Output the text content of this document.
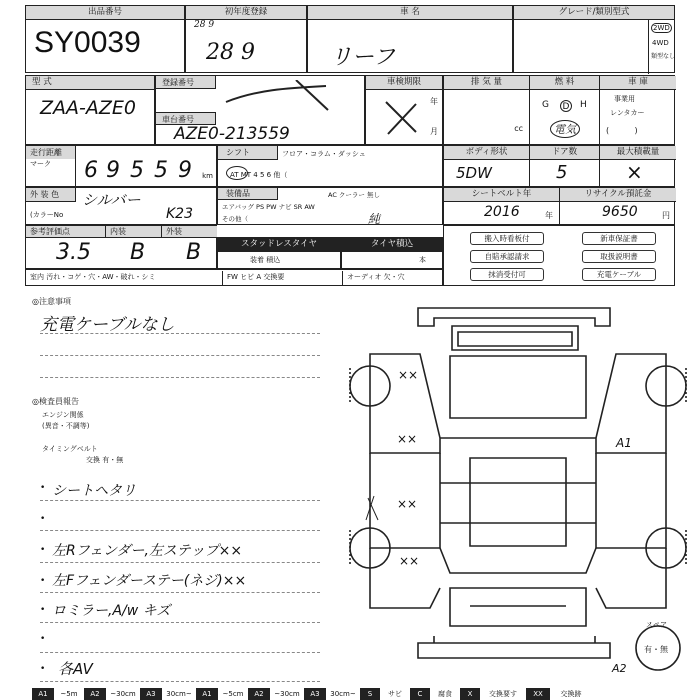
出品番号
SY0039
初年度登録
28 9
28 9
車 名
リーフ
グレード/類別型式
2WD
4WD
類型なし
型 式
ZAA-AZE0
登録番号
車台番号
AZE0-213559
車検期限
年
月
排 気 量
cc
燃 料
G D H
電気
車 庫
事業用
レンタカー
(          )
走行距離
マーク	6 9 5 5 9 km
シフト	フロア・コラム・ダッシュ
AT MT 4 5 6 他（
ボディ形状
5DW
ドア数
5
最大積載量
×
外 装 色	シルバー
(カラーNo	K23
装備品	AC クーラー 無し
エアバッグ PS PW ナビ SR AW
その他（	純
シートベルト年
2016	年
リサイクル預託金
9650	円
参考評価点	内装	外装
3.5 B B	スタッドレスタイヤ
装着 積込
タイヤ積込
本
搬入時看板付	新車保証書
自賠承認請求	取扱説明書
抹消受付可	充電ケーブル
室内 汚れ・コゲ・穴・AW・破れ・シミ	FW ヒビ A 交換要	オーディオ 欠・穴
◎注意事項
充電ケーブルなし
◎検査員報告
エンジン関係
(異音・不調等)
タイミングベルト
交換 有・無
• シートヘタリ
•
• 左Rフェンダー,左ステップ××
• 左Fフェンダーステー(ネジ)××
• ロミラー,A/w キズ
•
• 各AV
××
××
××
××
A1
A2
スペア
有・無
A1	~5m	A2	~30cm	A3	30cm~	A1	~5cm	A2	~30cm	A3	30cm~	S	サビ	C	腐食	X	交換要す	XX	交換跡
